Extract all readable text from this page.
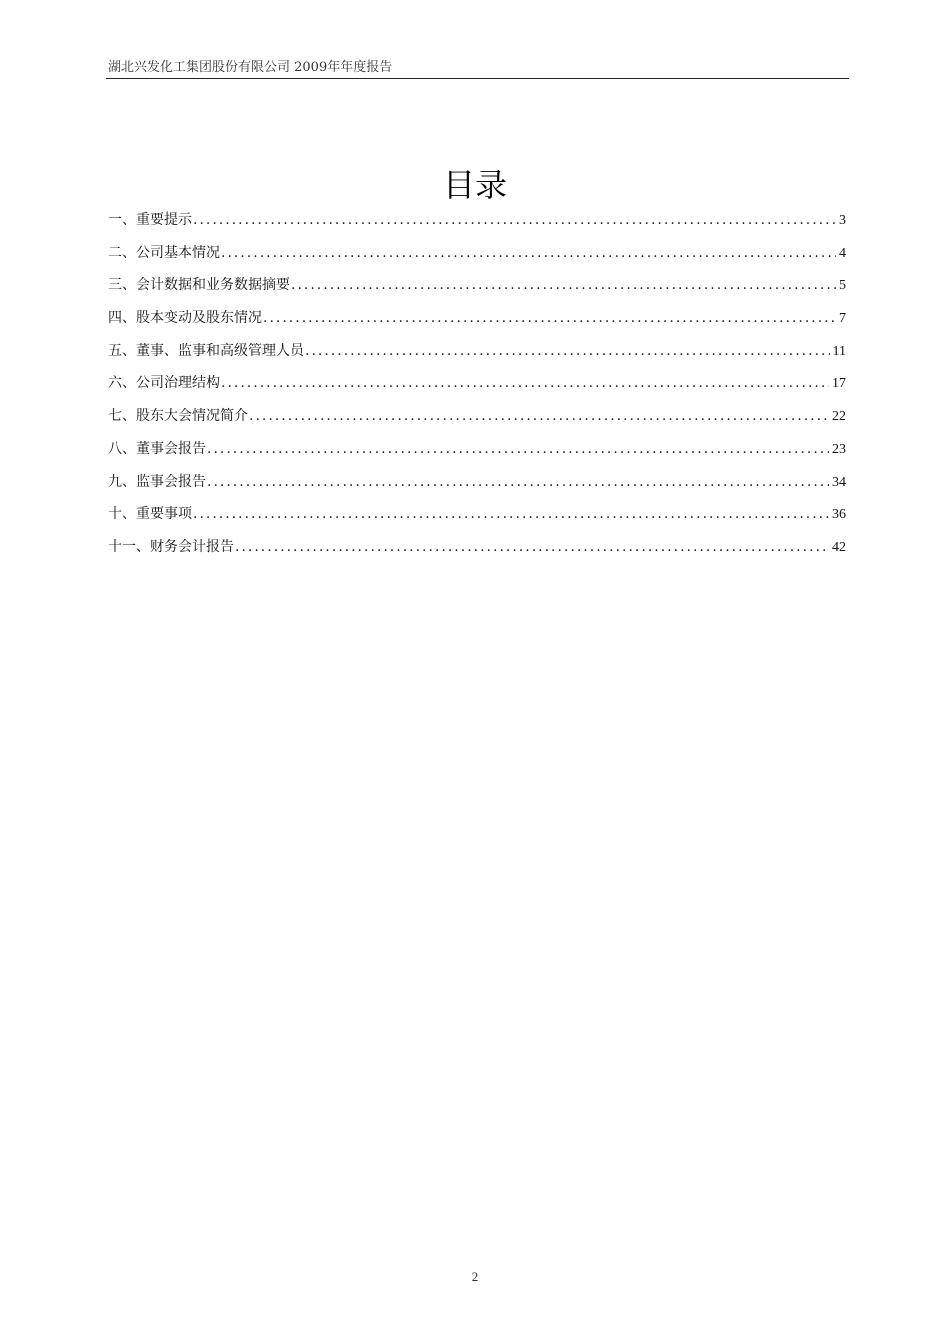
湖北兴发化工集团股份有限公司 2009年年度报告
目录
一、重要提示 .....	3
二、公司基本情况 .....	4
三、会计数据和业务数据摘要 .....	5
四、股本变动及股东情况 .....	7
五、董事、监事和高级管理人员 .....	11
六、公司治理结构 .....	17
七、股东大会情况简介 .....	22
八、董事会报告 .....	23
九、监事会报告 .....	34
十、重要事项 .....	36
十一、财务会计报告 .....	42
2
